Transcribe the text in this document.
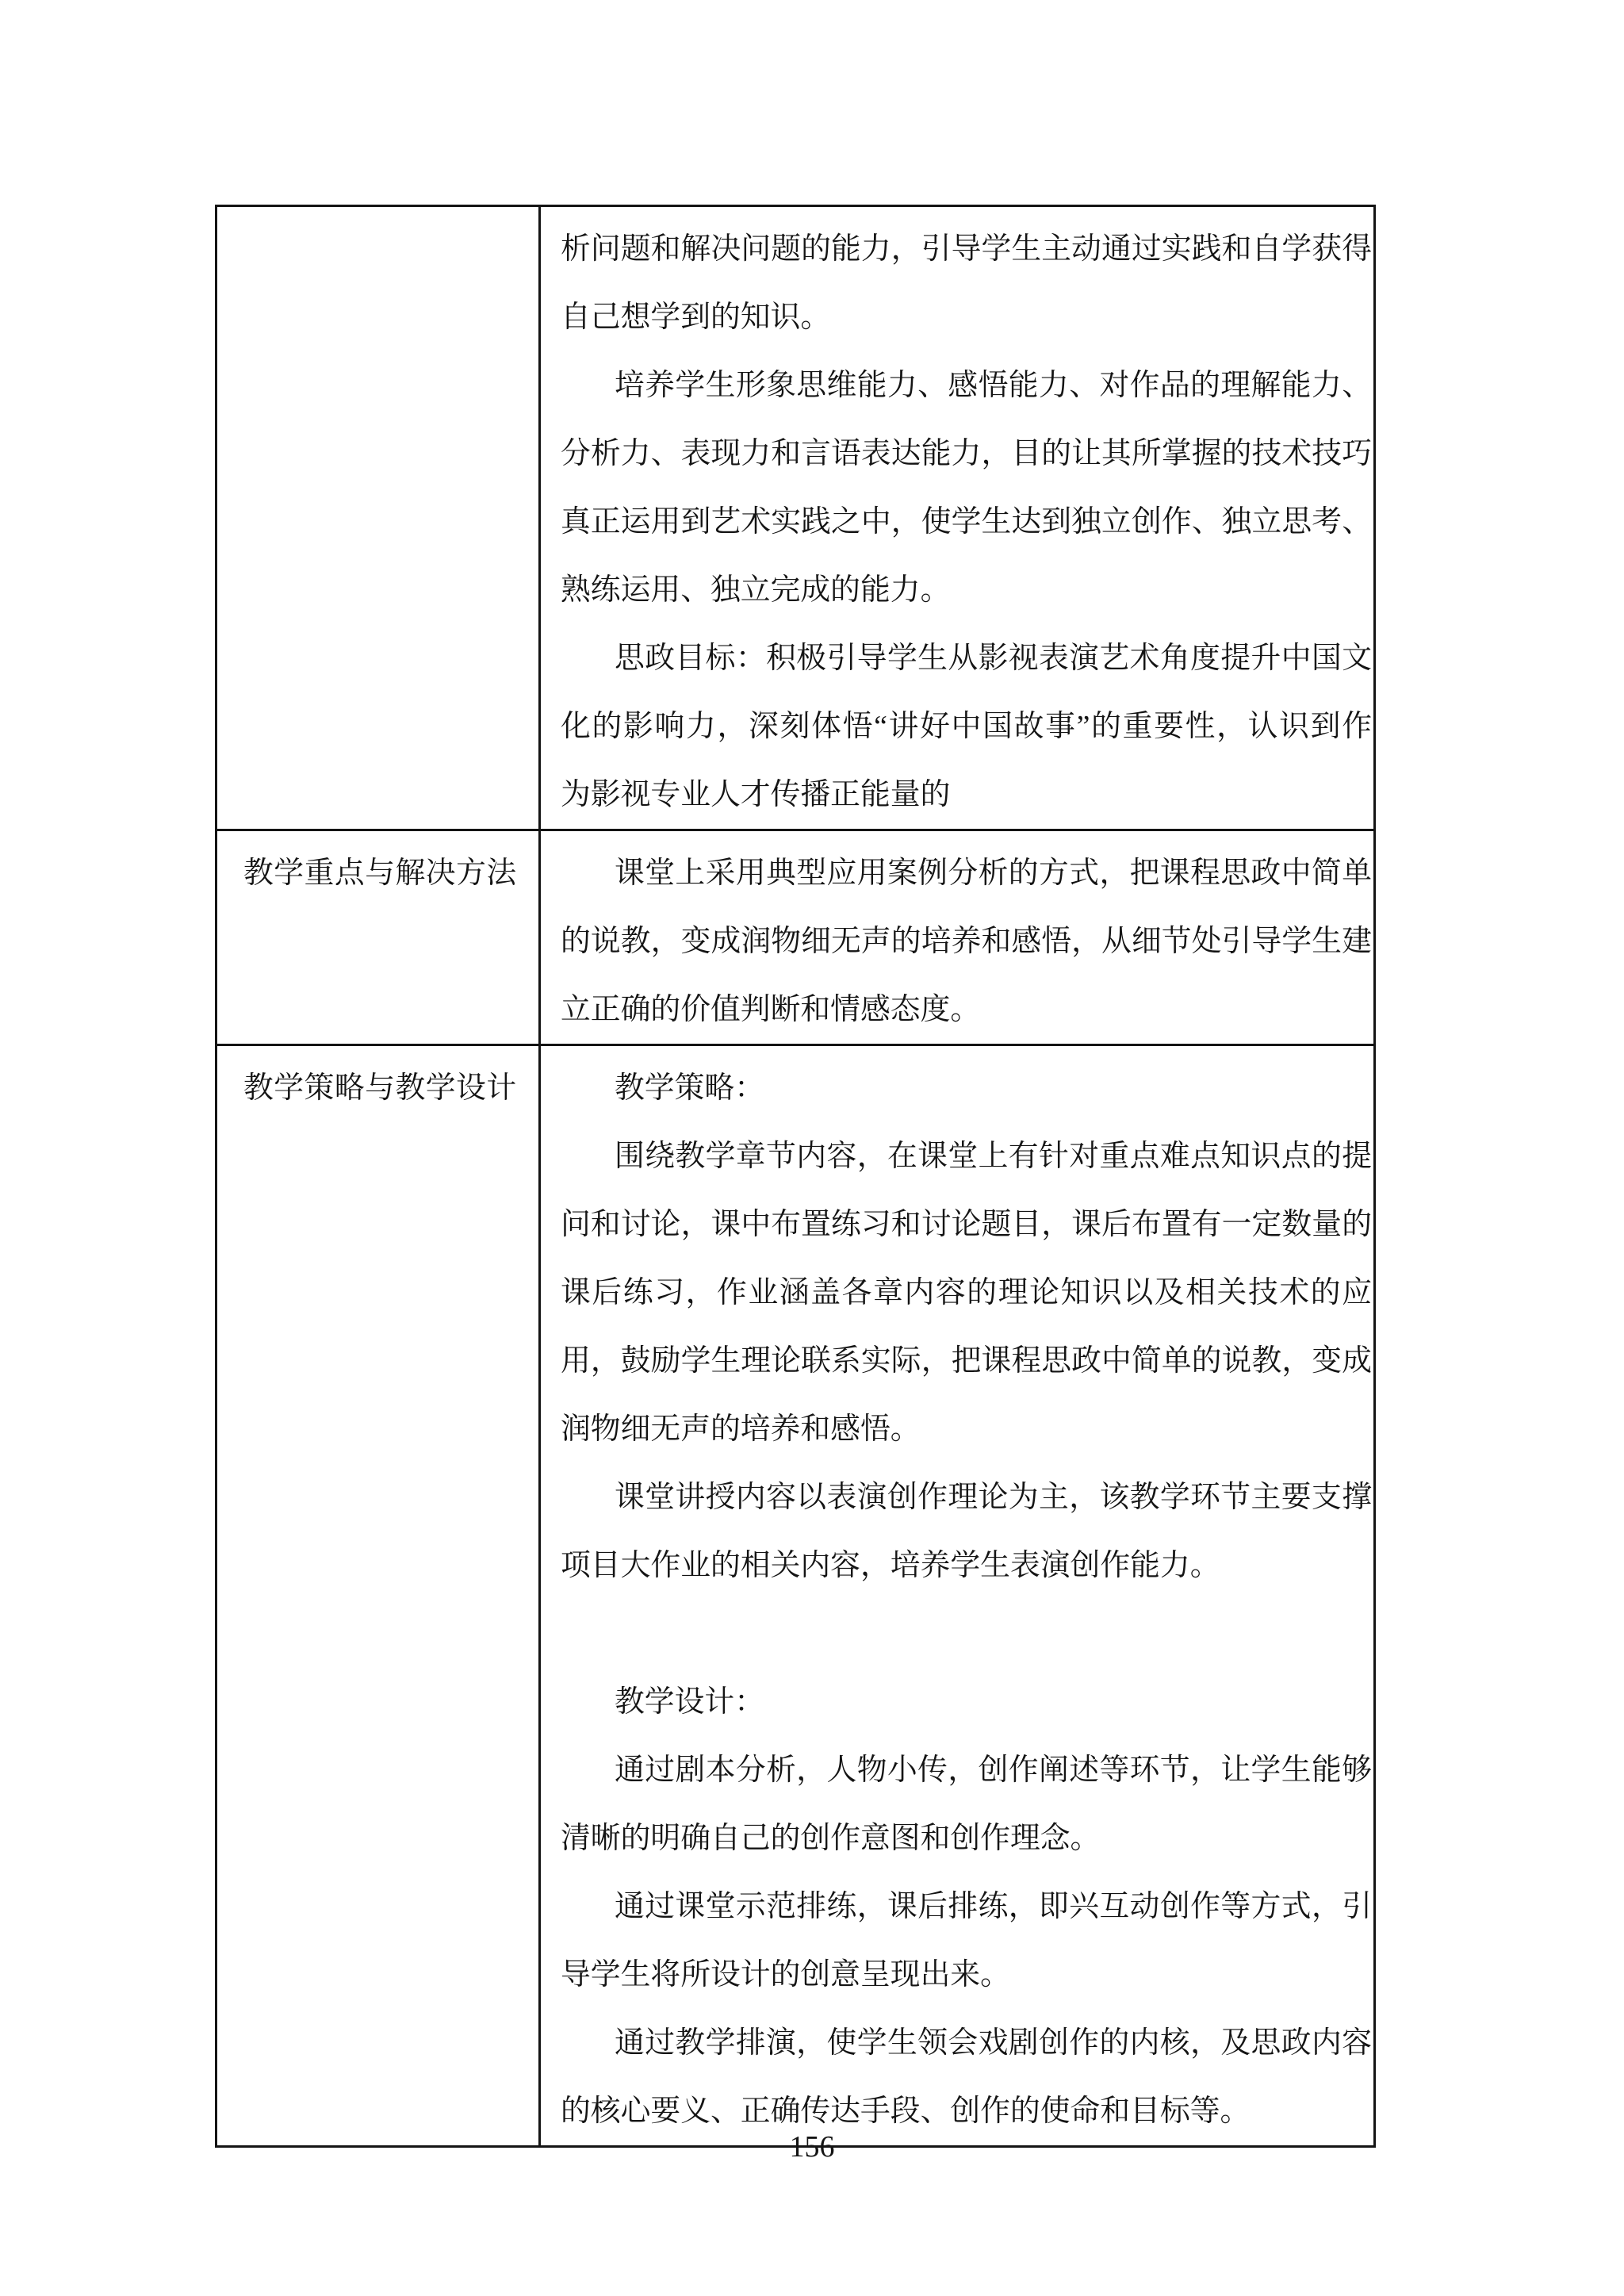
析问题和解决问题的能力，引导学生主动通过实践和自学获得
自己想学到的知识。
培养学生形象思维能力、感悟能力、对作品的理解能力、
分析力、表现力和言语表达能力，目的让其所掌握的技术技巧
真正运用到艺术实践之中，使学生达到独立创作、独立思考、
熟练运用、独立完成的能力。
思政目标：积极引导学生从影视表演艺术角度提升中国文
化的影响力，深刻体悟“讲好中国故事”的重要性，认识到作
为影视专业人才传播正能量的

教学重点与解决方法	课堂上采用典型应用案例分析的方式，把课程思政中简单
的说教，变成润物细无声的培养和感悟，从细节处引导学生建
立正确的价值判断和情感态度。

教学策略与教学设计	教学策略：
围绕教学章节内容，在课堂上有针对重点难点知识点的提
问和讨论，课中布置练习和讨论题目，课后布置有一定数量的
课后练习，作业涵盖各章内容的理论知识以及相关技术的应
用，鼓励学生理论联系实际，把课程思政中简单的说教，变成
润物细无声的培养和感悟。
课堂讲授内容以表演创作理论为主，该教学环节主要支撑
项目大作业的相关内容，培养学生表演创作能力。
教学设计：
通过剧本分析，人物小传，创作阐述等环节，让学生能够
清晰的明确自己的创作意图和创作理念。
通过课堂示范排练，课后排练，即兴互动创作等方式，引
导学生将所设计的创意呈现出来。
通过教学排演，使学生领会戏剧创作的内核，及思政内容
的核心要义、正确传达手段、创作的使命和目标等。
156
